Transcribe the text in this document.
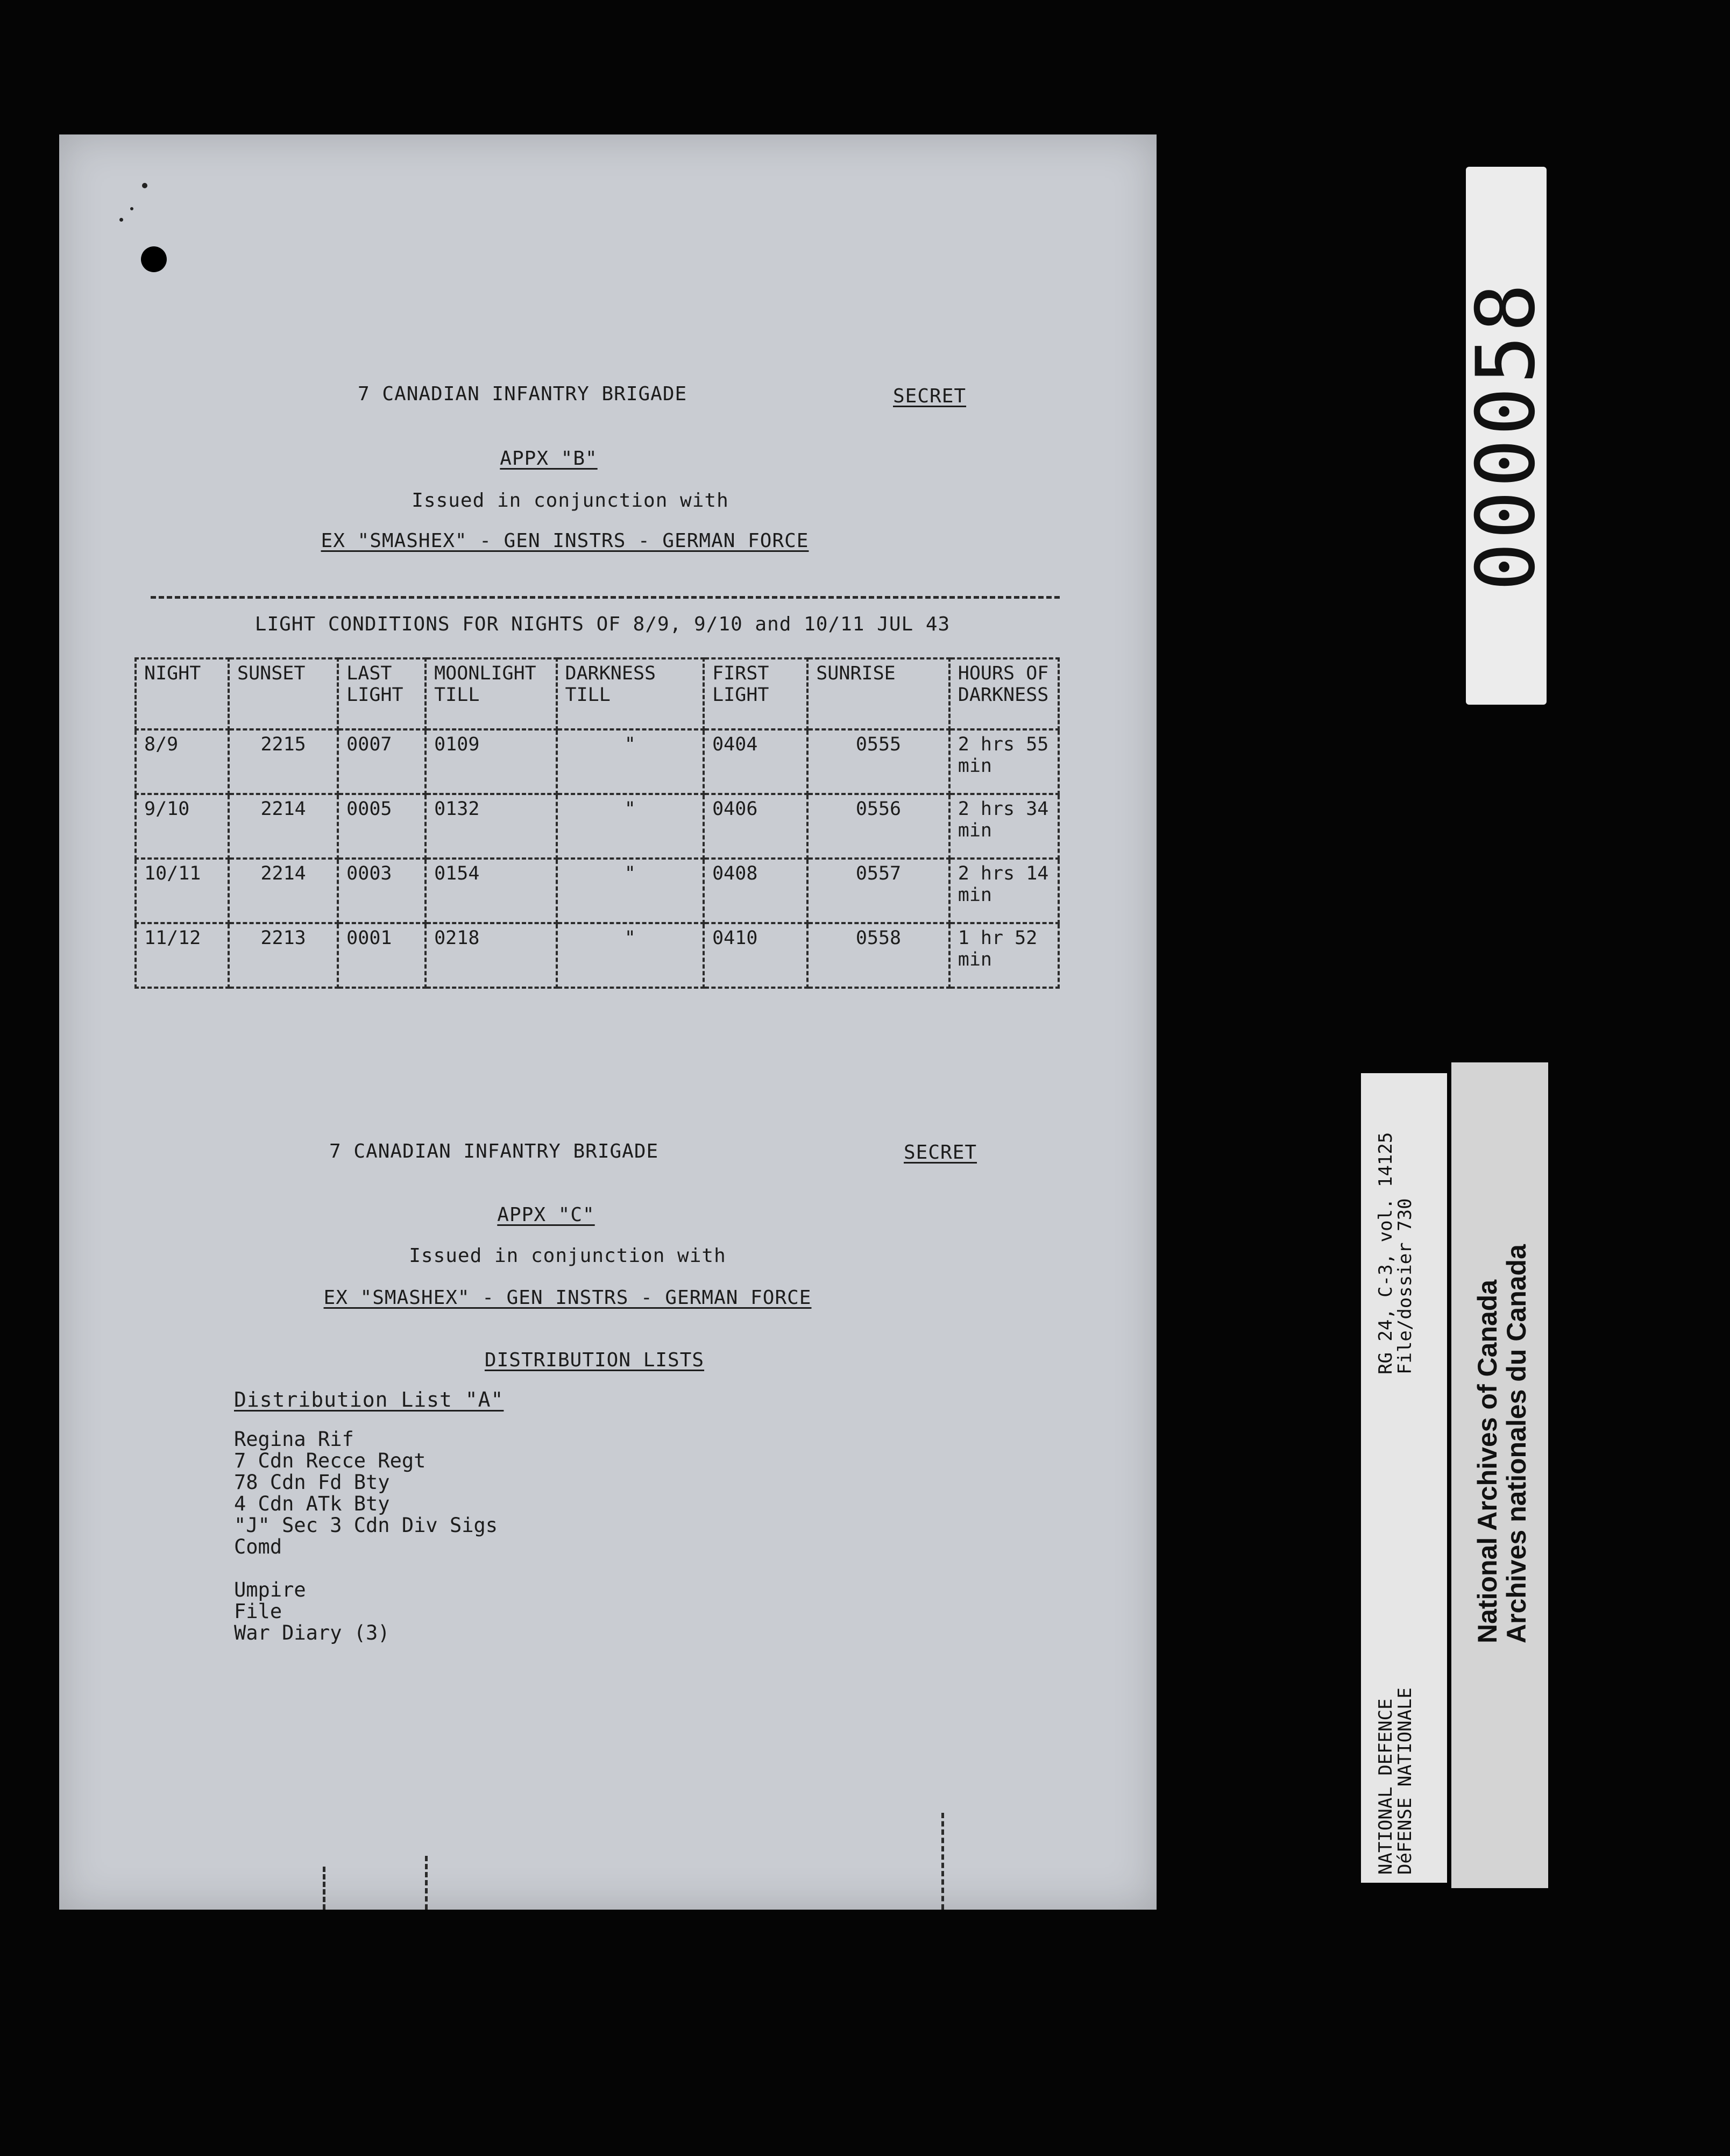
7 CANADIAN INFANTRY BRIGADE	SECRET
APPX "B"
Issued in conjunction with
EX "SMASHEX" - GEN INSTRS - GERMAN FORCE
LIGHT CONDITIONS FOR NIGHTS OF 8/9, 9/10 and 10/11 JUL 43
NIGHT	SUNSET	LAST LIGHT	MOONLIGHT TILL	DARKNESS TILL	FIRST LIGHT	SUNRISE	HOURS OF DARKNESS
8/9	2215	0007	0109	"	0404	0555	2 hrs 55 min
9/10	2214	0005	0132	"	0406	0556	2 hrs 34 min
10/11	2214	0003	0154	"	0408	0557	2 hrs 14 min
11/12	2213	0001	0218	"	0410	0558	1 hr 52 min
7 CANADIAN INFANTRY BRIGADE	SECRET
APPX "C"
Issued in conjunction with
EX "SMASHEX" - GEN INSTRS - GERMAN FORCE
DISTRIBUTION LISTS
Distribution List "A"
Regina Rif
7 Cdn Recce Regt
78 Cdn Fd Bty
4 Cdn ATk Bty
"J" Sec 3 Cdn Div Sigs
Comd
Umpire
File
War Diary (3)
000058
RG 24, C-3, vol. 14125
File/dossier 730
NATIONAL DEFENCE
DéFENSE NATIONALE
National Archives of Canada
Archives nationales du Canada
